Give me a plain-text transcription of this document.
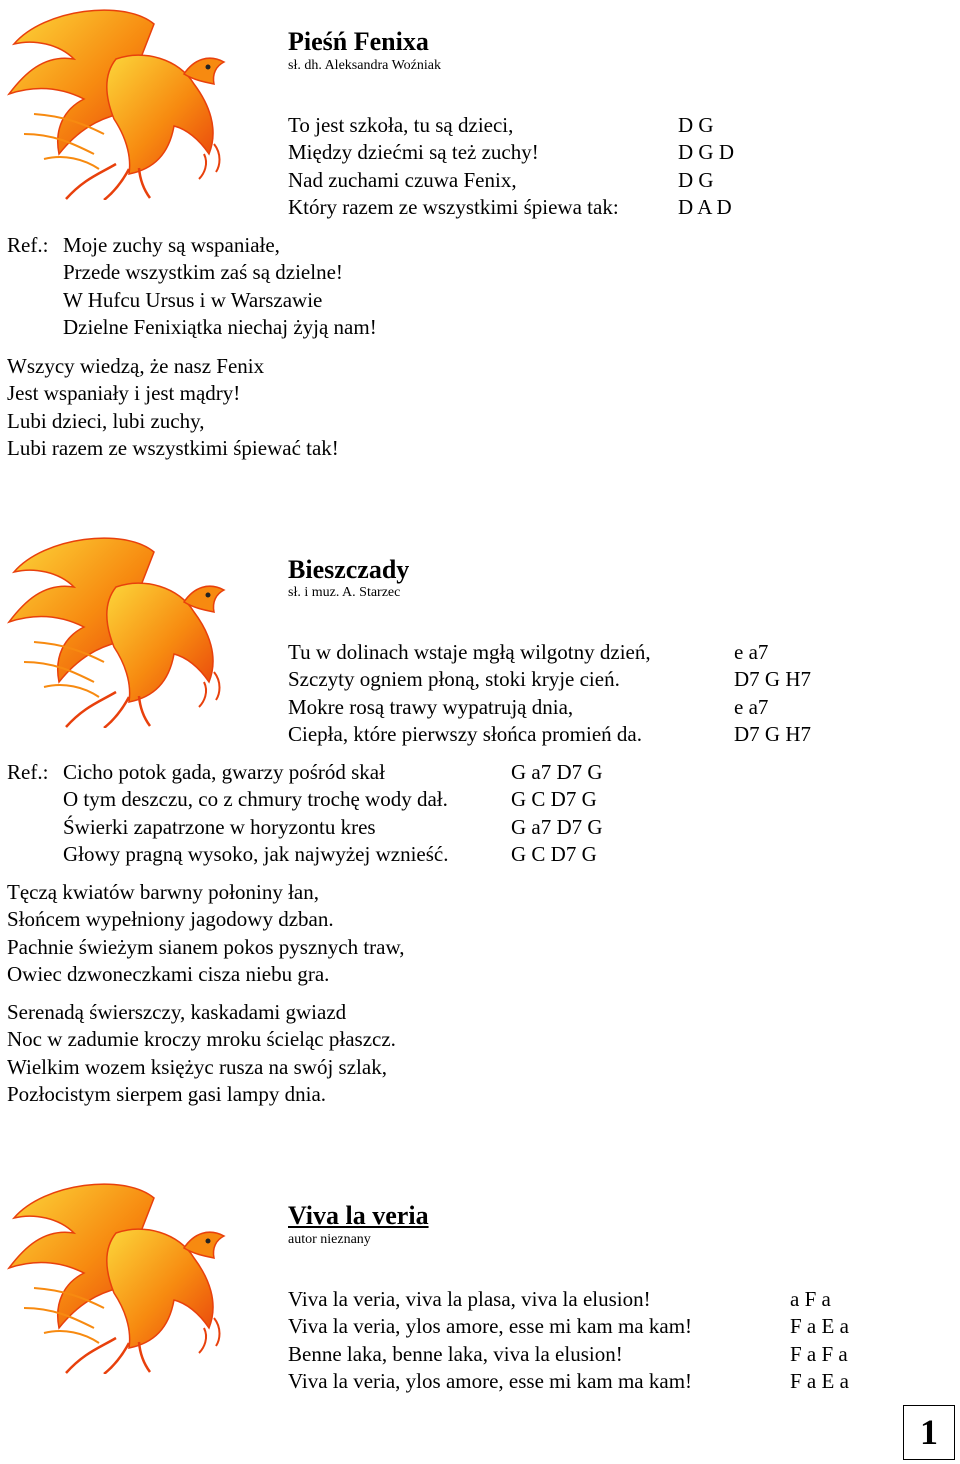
Pieśń Fenixa
sł. dh. Aleksandra Woźniak
To jest szkoła, tu są dzieci,
Między dziećmi są też zuchy!
Nad zuchami czuwa Fenix,
Który razem ze wszystkimi śpiewa tak:
D G
D G D
D G
D A D
Ref.: Moje zuchy są wspaniałe,
Przede wszystkim zaś są dzielne!
W Hufcu Ursus i w Warszawie
Dzielne Fenixiątka niechaj żyją nam!
Wszycy wiedzą, że nasz Fenix
Jest wspaniały i jest mądry!
Lubi dzieci, lubi zuchy,
Lubi razem ze wszystkimi śpiewać tak!
Bieszczady
sł. i muz. A. Starzec
Tu w dolinach wstaje mgłą wilgotny dzień,
Szczyty ogniem płoną, stoki kryje cień.
Mokre rosą trawy wypatrują dnia,
Ciepła, które pierwszy słońca promień da.
e a7
D7 G H7
e a7
D7 G H7
Ref.: Cicho potok gada, gwarzy pośród skał
O tym deszczu, co z chmury trochę wody dał.
Świerki zapatrzone w horyzontu kres
Głowy pragną wysoko, jak najwyżej wznieść.
G a7 D7 G
G C D7 G
G a7 D7 G
G C D7 G
Tęczą kwiatów barwny połoniny łan,
Słońcem wypełniony jagodowy dzban.
Pachnie świeżym sianem pokos pysznych traw,
Owiec dzwoneczkami cisza niebu gra.
Serenadą świerszczy, kaskadami gwiazd
Noc w zadumie kroczy mroku ścieląc płaszcz.
Wielkim wozem księżyc rusza na swój szlak,
Pozłocistym sierpem gasi lampy dnia.
Viva la veria
autor nieznany
Viva la veria, viva la plasa, viva la elusion!
Viva la veria, ylos amore, esse mi kam ma kam!
Benne laka, benne laka, viva la elusion!
Viva la veria, ylos amore, esse mi kam ma kam!
a F a
F a E a
F a F a
F a E a
1
